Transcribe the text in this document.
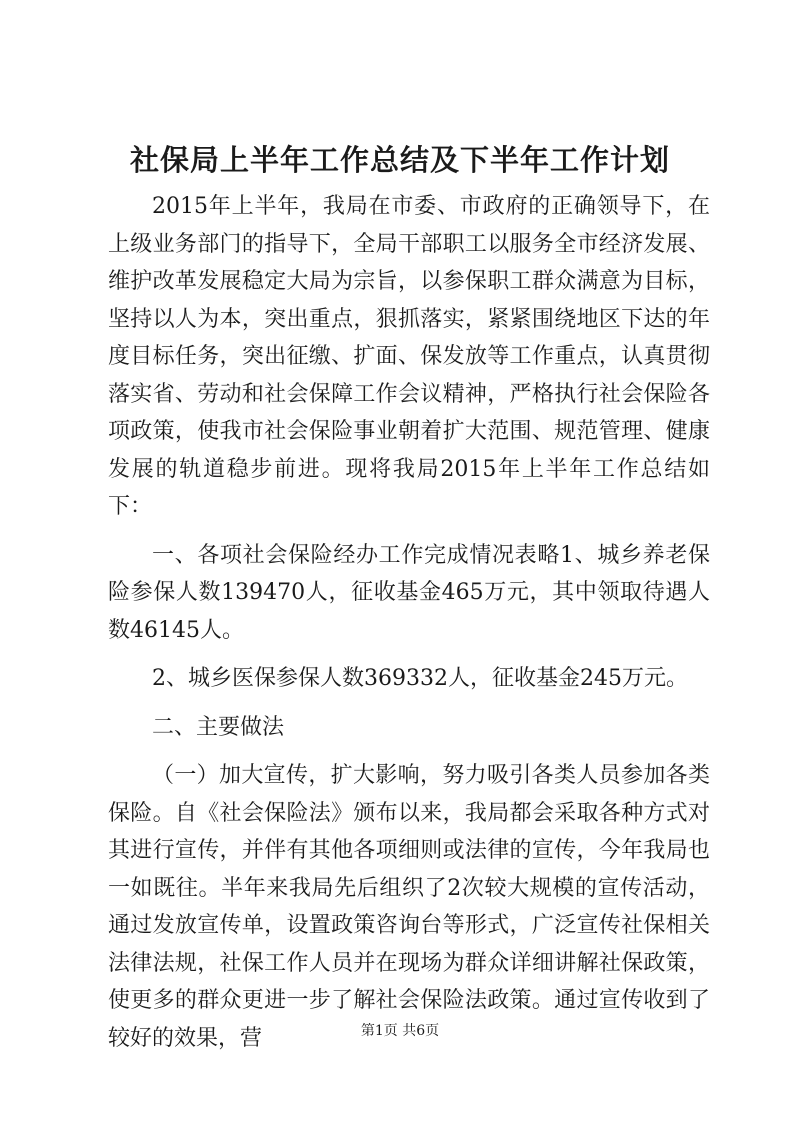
社保局上半年工作总结及下半年工作计划

2015年上半年，我局在市委、市政府的正确领导下，在上级业务部门的指导下，全局干部职工以服务全市经济发展、维护改革发展稳定大局为宗旨，以参保职工群众满意为目标，坚持以人为本，突出重点，狠抓落实，紧紧围绕地区下达的年度目标任务，突出征缴、扩面、保发放等工作重点，认真贯彻落实省、劳动和社会保障工作会议精神，严格执行社会保险各项政策，使我市社会保险事业朝着扩大范围、规范管理、健康发展的轨道稳步前进。现将我局2015年上半年工作总结如下：

一、各项社会保险经办工作完成情况表略1、城乡养老保险参保人数139470人，征收基金465万元，其中领取待遇人数46145人。

2、城乡医保参保人数369332人，征收基金245万元。

二、主要做法

（一）加大宣传，扩大影响，努力吸引各类人员参加各类保险。自《社会保险法》颁布以来，我局都会采取各种方式对其进行宣传，并伴有其他各项细则或法律的宣传，今年我局也一如既往。半年来我局先后组织了2次较大规模的宣传活动，通过发放宣传单，设置政策咨询台等形式，广泛宣传社保相关法律法规，社保工作人员并在现场为群众详细讲解社保政策，使更多的群众更进一步了解社会保险法政策。通过宣传收到了较好的效果，营	第1页 共6页
